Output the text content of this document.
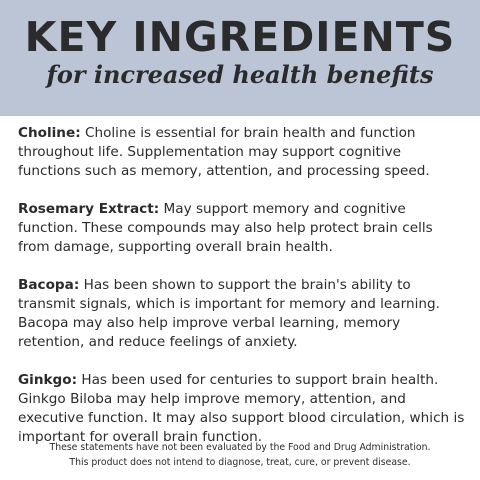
KEY INGREDIENTS
for increased health benefits

Choline: Choline is essential for brain health and function throughout life. Supplementation may support cognitive functions such as memory, attention, and processing speed.

Rosemary Extract: May support memory and cognitive function. These compounds may also help protect brain cells from damage, supporting overall brain health.

Bacopa: Has been shown to support the brain's ability to transmit signals, which is important for memory and learning. Bacopa may also help improve verbal learning, memory retention, and reduce feelings of anxiety.

Ginkgo: Has been used for centuries to support brain health. Ginkgo Biloba may help improve memory, attention, and executive function. It may also support blood circulation, which is important for overall brain function.

These statements have not been evaluated by the Food and Drug Administration.
This product does not intend to diagnose, treat, cure, or prevent disease.
